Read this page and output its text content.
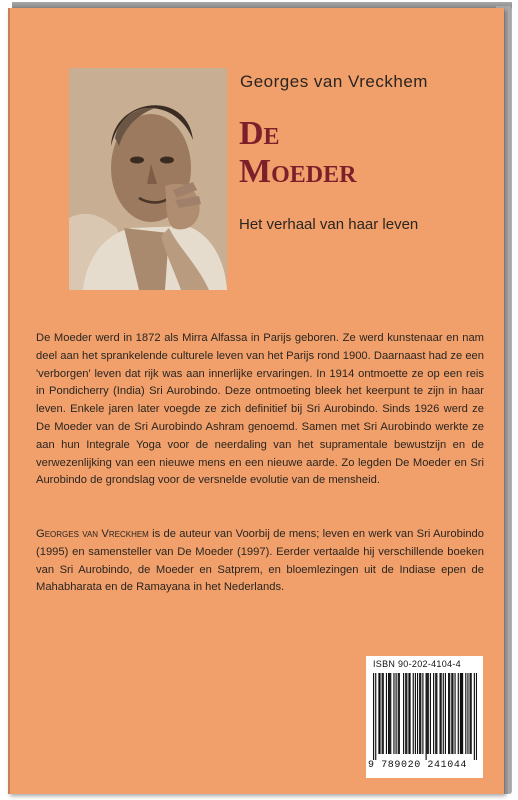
Georges van Vreckhem
De
Moeder

Het verhaal van haar leven

De Moeder werd in 1872 als Mirra Alfassa in Parijs geboren. Ze werd kunstenaar en nam deel aan het sprankelende culturele leven van het Parijs rond 1900. Daarnaast had ze een 'verborgen' leven dat rijk was aan innerlijke ervaringen. In 1914 ontmoette ze op een reis in Pondicherry (India) Sri Aurobindo. Deze ontmoeting bleek het keerpunt te zijn in haar leven. Enkele jaren later voegde ze zich definitief bij Sri Aurobindo. Sinds 1926 werd ze De Moeder van de Sri Aurobindo Ashram genoemd. Samen met Sri Aurobindo werkte ze aan hun Integrale Yoga voor de neerdaling van het supramentale bewustzijn en de verwezenlijking van een nieuwe mens en een nieuwe aarde. Zo legden De Moeder en Sri Aurobindo de grondslag voor de versnelde evolutie van de mensheid.

Georges van Vreckhem is de auteur van Voorbij de mens; leven en werk van Sri Aurobindo (1995) en samensteller van De Moeder (1997). Eerder vertaalde hij verschillende boeken van Sri Aurobindo, de Moeder en Satprem, en bloemlezingen uit de Indiase epen de Mahabharata en de Ramayana in het Nederlands.

ISBN 90-202-4104-4
9 789020 241044
